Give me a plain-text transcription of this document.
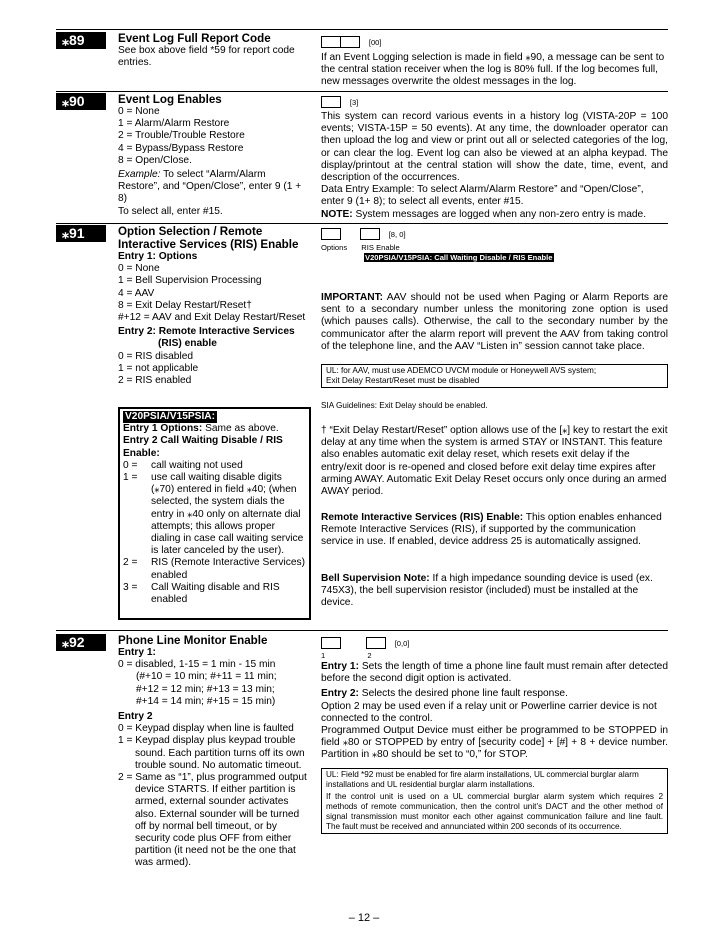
⁎89	Event Log Full Report Code
See box above field *59 for report code entries.
[00]
If an Event Logging selection is made in field ⁎90, a message can be sent to the central station receiver when the log is 80% full. If the log becomes full, new messages overwrite the oldest messages in the log.
⁎90	Event Log Enables
0 = None
1 = Alarm/Alarm Restore
2 = Trouble/Trouble Restore
4 = Bypass/Bypass Restore
8 = Open/Close.
Example: To select “Alarm/Alarm Restore”, and “Open/Close”, enter 9 (1 + 8)
To select all, enter #15.
[3]
This system can record various events in a history log (VISTA-20P = 100 events; VISTA-15P = 50 events). At any time, the downloader operator can then upload the log and view or print out all or selected categories of the log, or can clear the log. Event log can also be viewed at an alpha keypad. The display/printout at the central station will show the date, time, event, and description of the occurrences.
Data Entry Example: To select Alarm/Alarm Restore” and “Open/Close”, enter 9 (1+ 8); to select all events, enter #15.
NOTE: System messages are logged when any non-zero entry is made.
⁎91	Option Selection / Remote Interactive Services (RIS) Enable
Entry 1: Options
0 = None
1 = Bell Supervision Processing
4 = AAV
8 = Exit Delay Restart/Reset†
#+12 = AAV and Exit Delay Restart/Reset
Entry 2: Remote Interactive Services (RIS) enable
0 = RIS disabled
1 = not applicable
2 = RIS enabled
V20PSIA/V15PSIA:
Entry 1 Options: Same as above.
Entry 2 Call Waiting Disable / RIS Enable:
0 =	call waiting not used
1 =	use call waiting disable digits (⁎70) entered in field ⁎40; (when selected, the system dials the entry in ⁎40 only on alternate dial attempts; this allows proper dialing in case call waiting service is later canceled by the user).
2 =	RIS (Remote Interactive Services) enabled
3 =	Call Waiting disable and RIS enabled
[8, 0]
Options RIS Enable
V20PSIA/V15PSIA: Call Waiting Disable / RIS Enable
IMPORTANT: AAV should not be used when Paging or Alarm Reports are sent to a secondary number unless the monitoring zone option is used (which pauses calls). Otherwise, the call to the secondary number by the communicator after the alarm report will prevent the AAV from taking control of the telephone line, and the AAV “Listen in” session cannot take place.
UL: for AAV, must use ADEMCO UVCM module or Honeywell AVS system;
Exit Delay Restart/Reset must be disabled
SIA Guidelines: Exit Delay should be enabled.
† “Exit Delay Restart/Reset” option allows use of the [⁎] key to restart the exit delay at any time when the system is armed STAY or INSTANT. This feature also enables automatic exit delay reset, which resets exit delay if the entry/exit door is re-opened and closed before exit delay time expires after arming AWAY. Automatic Exit Delay Reset occurs only once during an armed AWAY period.
Remote Interactive Services (RIS) Enable: This option enables enhanced Remote Interactive Services (RIS), if supported by the communication service in use. If enabled, device address 25 is automatically assigned.
Bell Supervision Note: If a high impedance sounding device is used (ex. 745X3), the bell supervision resistor (included) must be installed at the device.
⁎92	Phone Line Monitor Enable
Entry 1:
0 = disabled, 1-15 = 1 min - 15 min
(#+10 = 10 min; #+11 = 11 min;
#+12 = 12 min; #+13 = 13 min;
#+14 = 14 min; #+15 = 15 min)
Entry 2
0 = Keypad display when line is faulted
1 = Keypad display plus keypad trouble sound. Each partition turns off its own trouble sound. No automatic timeout.
2 = Same as “1”, plus programmed output device STARTS. If either partition is armed, external sounder activates also. External sounder will be turned off by normal bell timeout, or by security code plus OFF from either partition (it need not be the one that was armed).
[0,0]
1	2
Entry 1: Sets the length of time a phone line fault must remain after detected before the second digit option is activated.
Entry 2: Selects the desired phone line fault response.
Option 2 may be used even if a relay unit or Powerline carrier device is not connected to the control.
Programmed Output Device must either be programmed to be STOPPED in field ⁎80 or STOPPED by entry of [security code] + [#] + 8 + device number. Partition in ⁎80 should be set to “0,” for STOP.
UL: Field *92 must be enabled for fire alarm installations, UL commercial burglar alarm installations and UL residential burglar alarm installations.
If the control unit is used on a UL commercial burglar alarm system which requires 2 methods of remote communication, then the control unit’s DACT and the other method of signal transmission must monitor each other against communication failure and line fault. The fault must be received and annunciated within 200 seconds of its occurrence.
– 12 –
